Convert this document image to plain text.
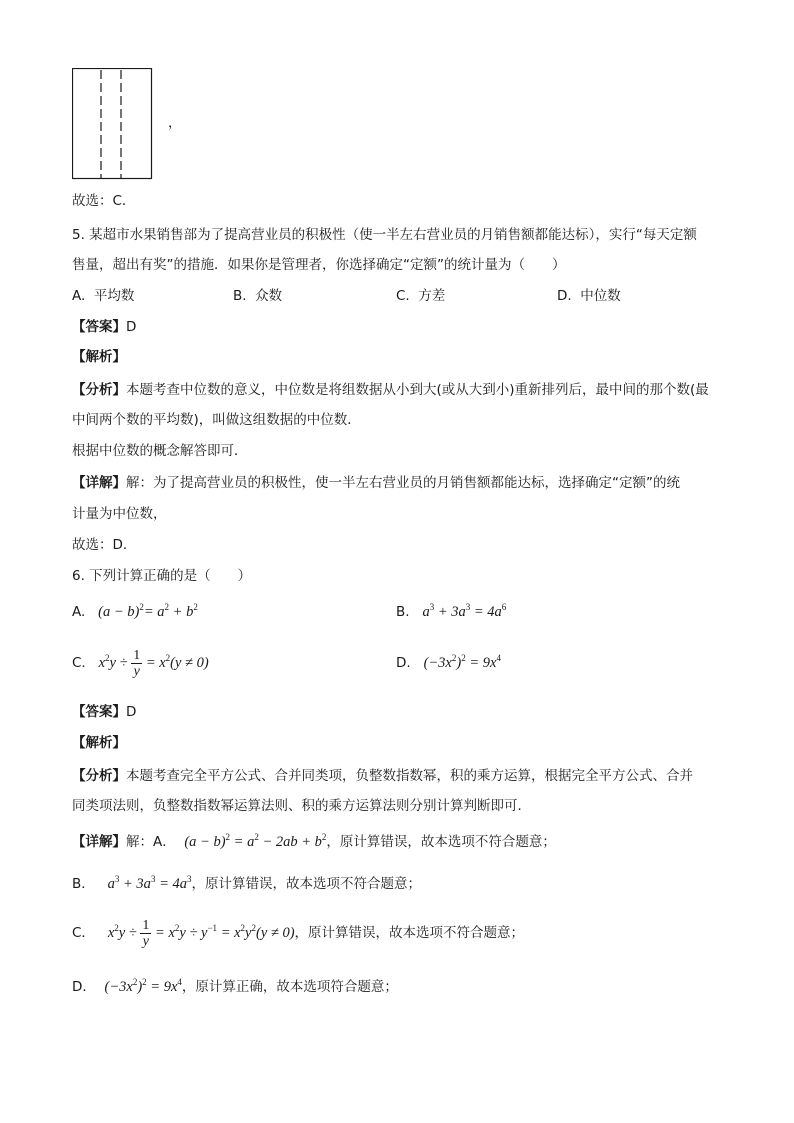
，
故选：C．
5. 某超市水果销售部为了提高营业员的积极性（使一半左右营业员的月销售额都能达标），实行“每天定额
售量，超出有奖”的措施．如果你是管理者，你选择确定“定额”的统计量为（　　）
A. 平均数	B. 众数	C. 方差	D. 中位数
【答案】D
【解析】
【分析】本题考查中位数的意义，中位数是将组数据从小到大(或从大到小)重新排列后，最中间的那个数(最
中间两个数的平均数)，叫做这组数据的中位数．
根据中位数的概念解答即可．
【详解】解：为了提高营业员的积极性，使一半左右营业员的月销售额都能达标，选择确定“定额”的统
计量为中位数，
故选：D．
6. 下列计算正确的是（　　）
A. $(a - b)^2= a^2 + b^2$	B. $a^3 + 3a^3 = 4a^6$
C. $x^2y \div \frac{1}{y} = x^2(y \ne 0)$	D. $(-3x^2)^2 = 9x^4$
【答案】D
【解析】
【分析】本题考查完全平方公式、合并同类项，负整数指数幂，积的乘方运算，根据完全平方公式、合并
同类项法则，负整数指数幂运算法则、积的乘方运算法则分别计算判断即可．
【详解】解：A． $(a - b)^2 = a^2 - 2ab + b^2$，原计算错误，故本选项不符合题意；
B． $a^3 + 3a^3 = 4a^3$，原计算错误，故本选项不符合题意；
C． $x^2y \div \frac{1}{y} = x^2y \div y^{-1} = x^2y^2(y \ne 0)$，原计算错误，故本选项不符合题意；
D． $(-3x^2)^2 = 9x^4$，原计算正确，故本选项符合题意；
